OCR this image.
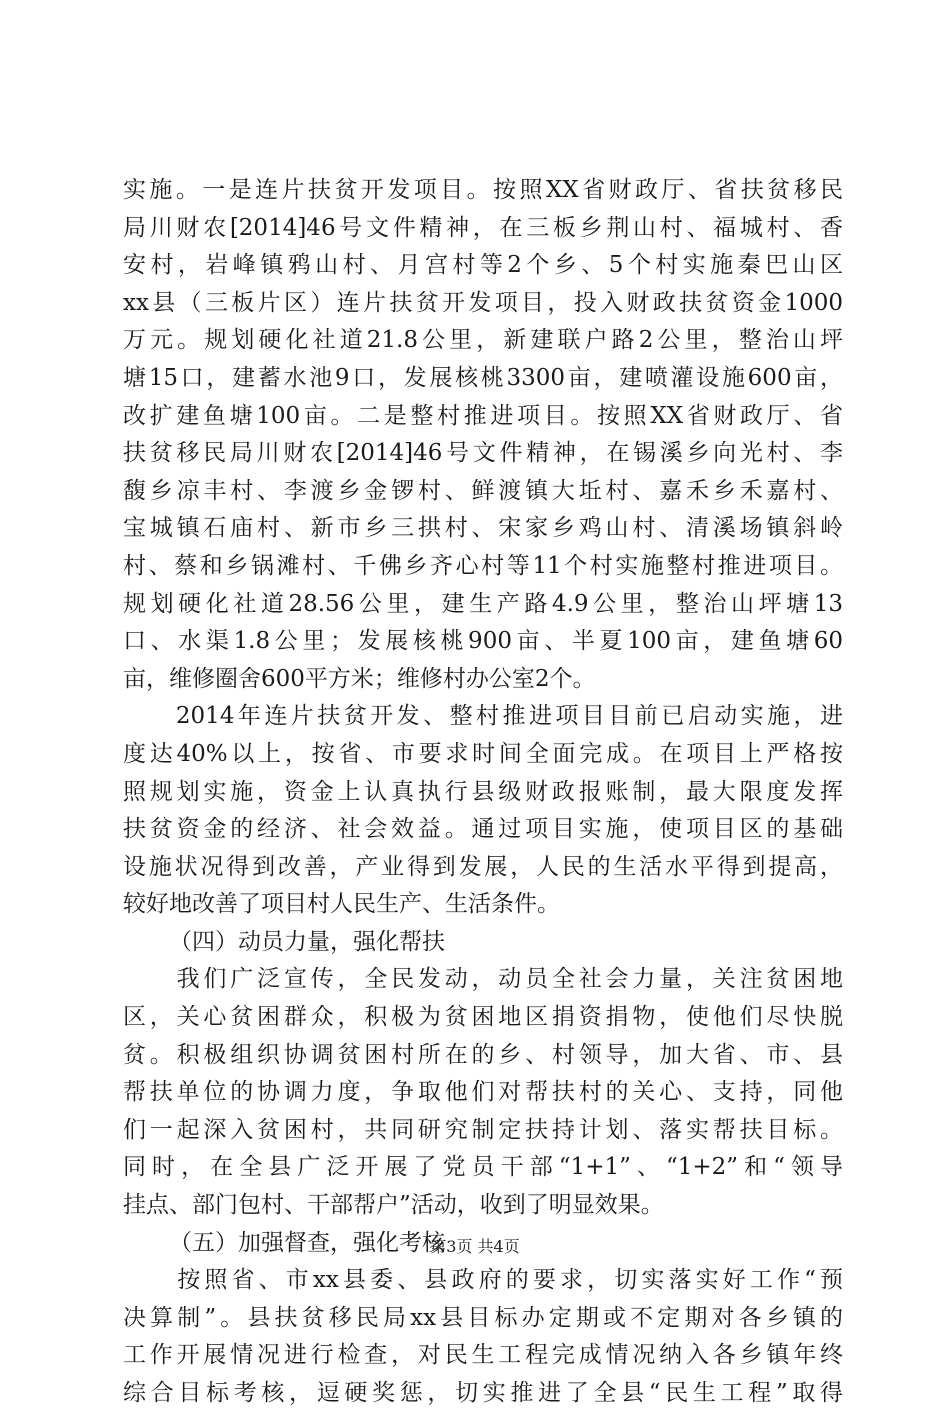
实施。一是连片扶贫开发项目。按照XX省财政厅、省扶贫移民
局川财农[2014]46号文件精神，在三板乡荆山村、福城村、香
安村，岩峰镇鸦山村、月宫村等2个乡、5个村实施秦巴山区
xx县（三板片区）连片扶贫开发项目，投入财政扶贫资金1000
万元。规划硬化社道21.8公里，新建联户路2公里，整治山坪
塘15口，建蓄水池9口，发展核桃3300亩，建喷灌设施600亩，
改扩建鱼塘100亩。二是整村推进项目。按照XX省财政厅、省
扶贫移民局川财农[2014]46号文件精神，在锡溪乡向光村、李
馥乡凉丰村、李渡乡金锣村、鲜渡镇大坵村、嘉禾乡禾嘉村、
宝城镇石庙村、新市乡三拱村、宋家乡鸡山村、清溪场镇斜岭
村、蔡和乡锅滩村、千佛乡齐心村等11个村实施整村推进项目。
规划硬化社道28.56公里，建生产路4.9公里，整治山坪塘13
口、水渠1.8公里；发展核桃900亩、半夏100亩，建鱼塘60
亩，维修圈舍600平方米；维修村办公室2个。
　　2014年连片扶贫开发、整村推进项目目前已启动实施，进
度达40%以上，按省、市要求时间全面完成。在项目上严格按
照规划实施，资金上认真执行县级财政报账制，最大限度发挥
扶贫资金的经济、社会效益。通过项目实施，使项目区的基础
设施状况得到改善，产业得到发展，人民的生活水平得到提高，
较好地改善了项目村人民生产、生活条件。
（四）动员力量，强化帮扶
　　我们广泛宣传，全民发动，动员全社会力量，关注贫困地
区，关心贫困群众，积极为贫困地区捐资捐物，使他们尽快脱
贫。积极组织协调贫困村所在的乡、村领导，加大省、市、县
帮扶单位的协调力度，争取他们对帮扶村的关心、支持，同他
们一起深入贫困村，共同研究制定扶持计划、落实帮扶目标。
同时，在全县广泛开展了党员干部“1+1”、“1+2”和“领导
挂点、部门包村、干部帮户”活动，收到了明显效果。
（五）加强督查，强化考核
　　按照省、市xx县委、县政府的要求，切实落实好工作“预
决算制”。县扶贫移民局xx县目标办定期或不定期对各乡镇的
工作开展情况进行检查，对民生工程完成情况纳入各乡镇年终
综合目标考核，逗硬奖惩，切实推进了全县“民生工程”取得
第3页 共4页
